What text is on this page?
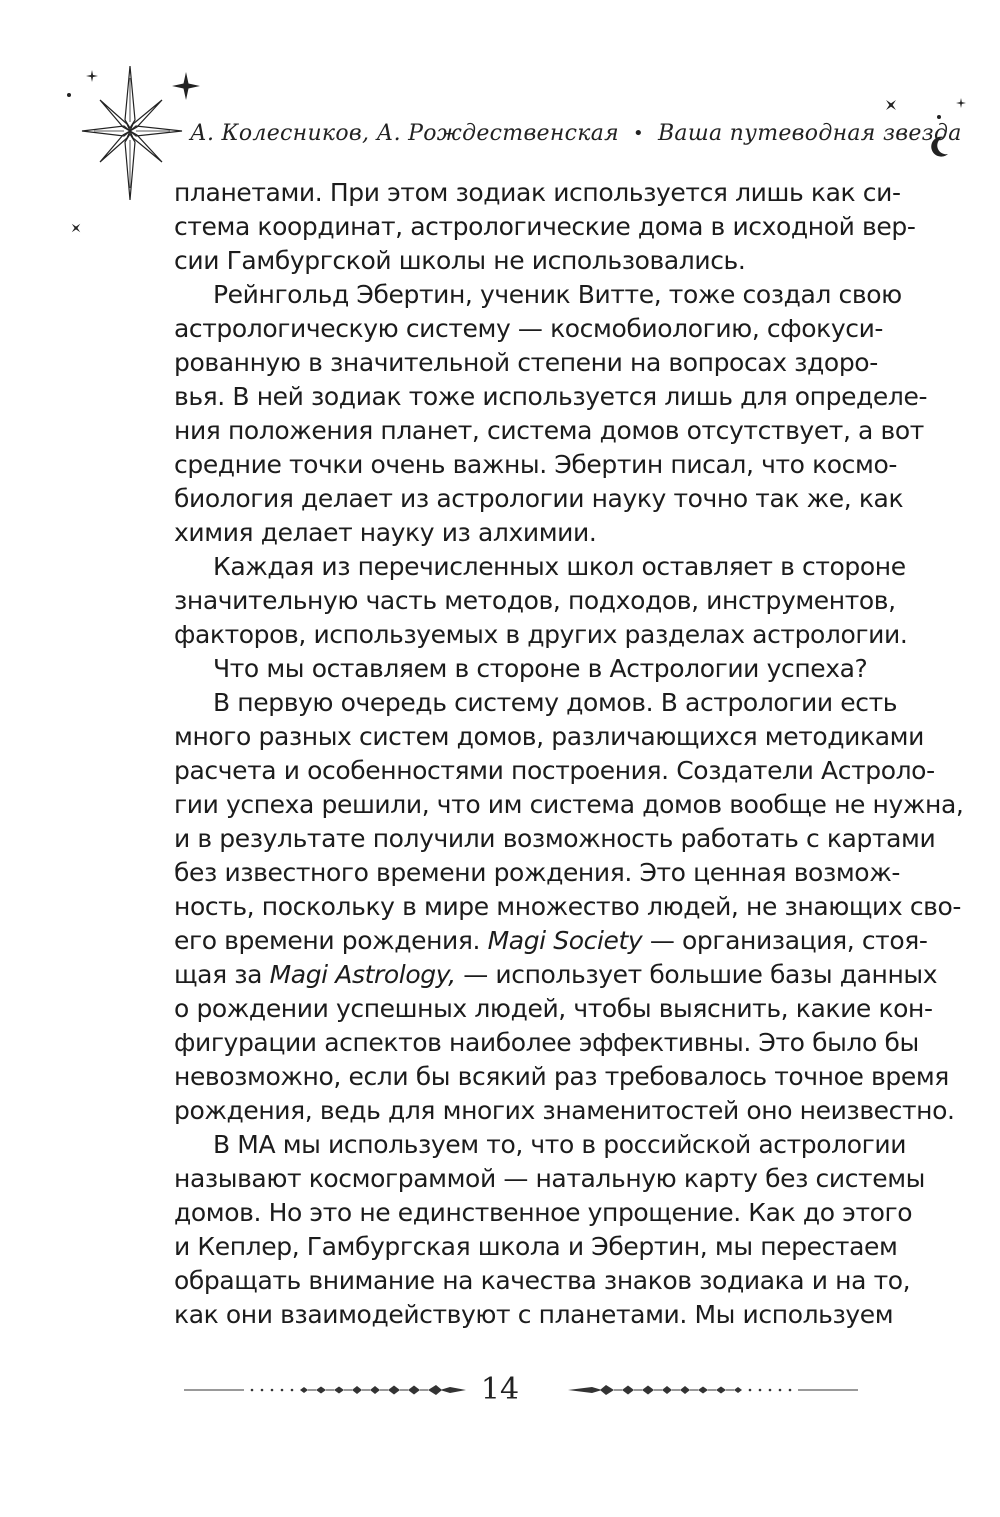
А. Колесников, А. Рождественская • Ваша путеводная звезда
планетами. При этом зодиак используется лишь как си-
стема координат, астрологические дома в исходной вер-
сии Гамбургской школы не использовались.
Рейнгольд Эбертин, ученик Витте, тоже создал свою
астрологическую систему — космобиологию, сфокуси-
рованную в значительной степени на вопросах здоро-
вья. В ней зодиак тоже используется лишь для определе-
ния положения планет, система домов отсутствует, а вот
средние точки очень важны. Эбертин писал, что космо-
биология делает из астрологии науку точно так же, как
химия делает науку из алхимии.
Каждая из перечисленных школ оставляет в стороне
значительную часть методов, подходов, инструментов,
факторов, используемых в других разделах астрологии.
Что мы оставляем в стороне в Астрологии успеха?
В первую очередь систему домов. В астрологии есть
много разных систем домов, различающихся методиками
расчета и особенностями построения. Создатели Астроло-
гии успеха решили, что им система домов вообще не нужна,
и в результате получили возможность работать с картами
без известного времени рождения. Это ценная возмож-
ность, поскольку в мире множество людей, не знающих сво-
его времени рождения. Magi Society — организация, стоя-
щая за Magi Astrology, — использует большие базы данных
о рождении успешных людей, чтобы выяснить, какие кон-
фигурации аспектов наиболее эффективны. Это было бы
невозможно, если бы всякий раз требовалось точное время
рождения, ведь для многих знаменитостей оно неизвестно.
В МА мы используем то, что в российской астрологии
называют космограммой — натальную карту без системы
домов. Но это не единственное упрощение. Как до этого
и Кеплер, Гамбургская школа и Эбертин, мы перестаем
обращать внимание на качества знаков зодиака и на то,
как они взаимодействуют с планетами. Мы используем
14
